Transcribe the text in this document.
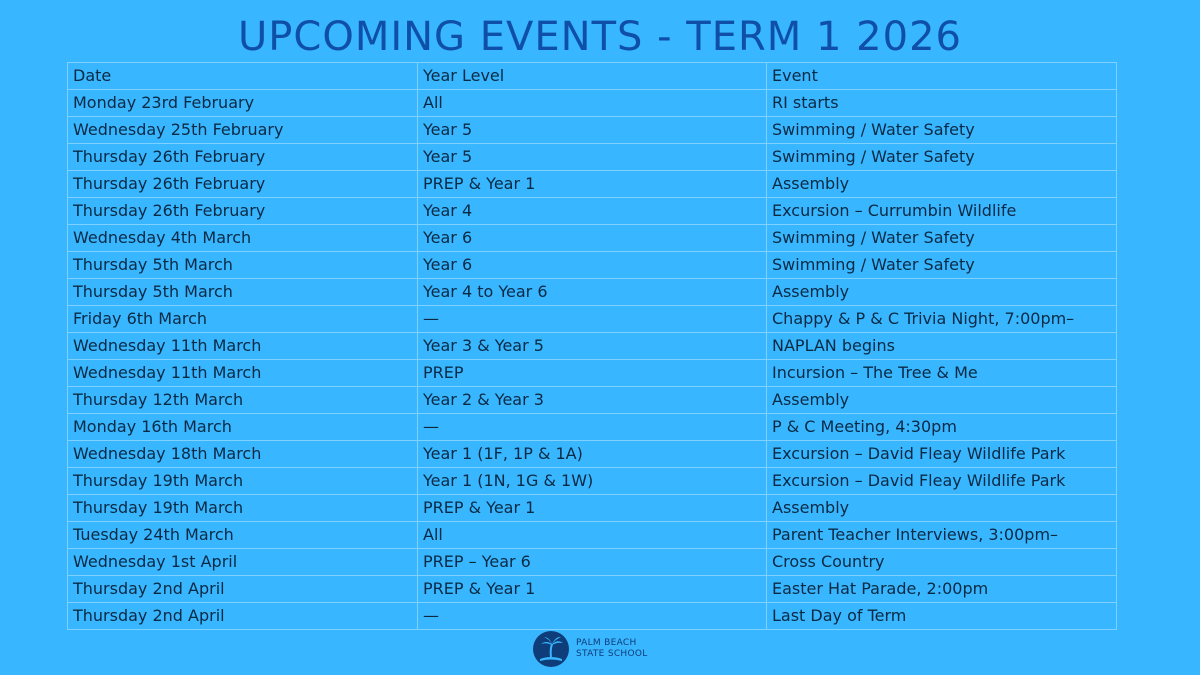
UPCOMING EVENTS - TERM 1 2026
Date	Year Level	Event
Monday 23rd February	All	RI starts
Wednesday 25th February	Year 5	Swimming / Water Safety
Thursday 26th February	Year 5	Swimming / Water Safety
Thursday 26th February	PREP & Year 1	Assembly
Thursday 26th February	Year 4	Excursion – Currumbin Wildlife
Wednesday 4th March	Year 6	Swimming / Water Safety
Thursday 5th March	Year 6	Swimming / Water Safety
Thursday 5th March	Year 4 to Year 6	Assembly
Friday 6th March	—	Chappy & P & C Trivia Night, 7:00pm–
Wednesday 11th March	Year 3 & Year 5	NAPLAN begins
Wednesday 11th March	PREP	Incursion – The Tree & Me
Thursday 12th March	Year 2 & Year 3	Assembly
Monday 16th March	—	P & C Meeting, 4:30pm
Wednesday 18th March	Year 1 (1F, 1P & 1A)	Excursion – David Fleay Wildlife Park
Thursday 19th March	Year 1 (1N, 1G & 1W)	Excursion – David Fleay Wildlife Park
Thursday 19th March	PREP & Year 1	Assembly
Tuesday 24th March	All	Parent Teacher Interviews, 3:00pm–
Wednesday 1st April	PREP – Year 6	Cross Country
Thursday 2nd April	PREP & Year 1	Easter Hat Parade, 2:00pm
Thursday 2nd April	—	Last Day of Term
PALM BEACH
STATE SCHOOL
